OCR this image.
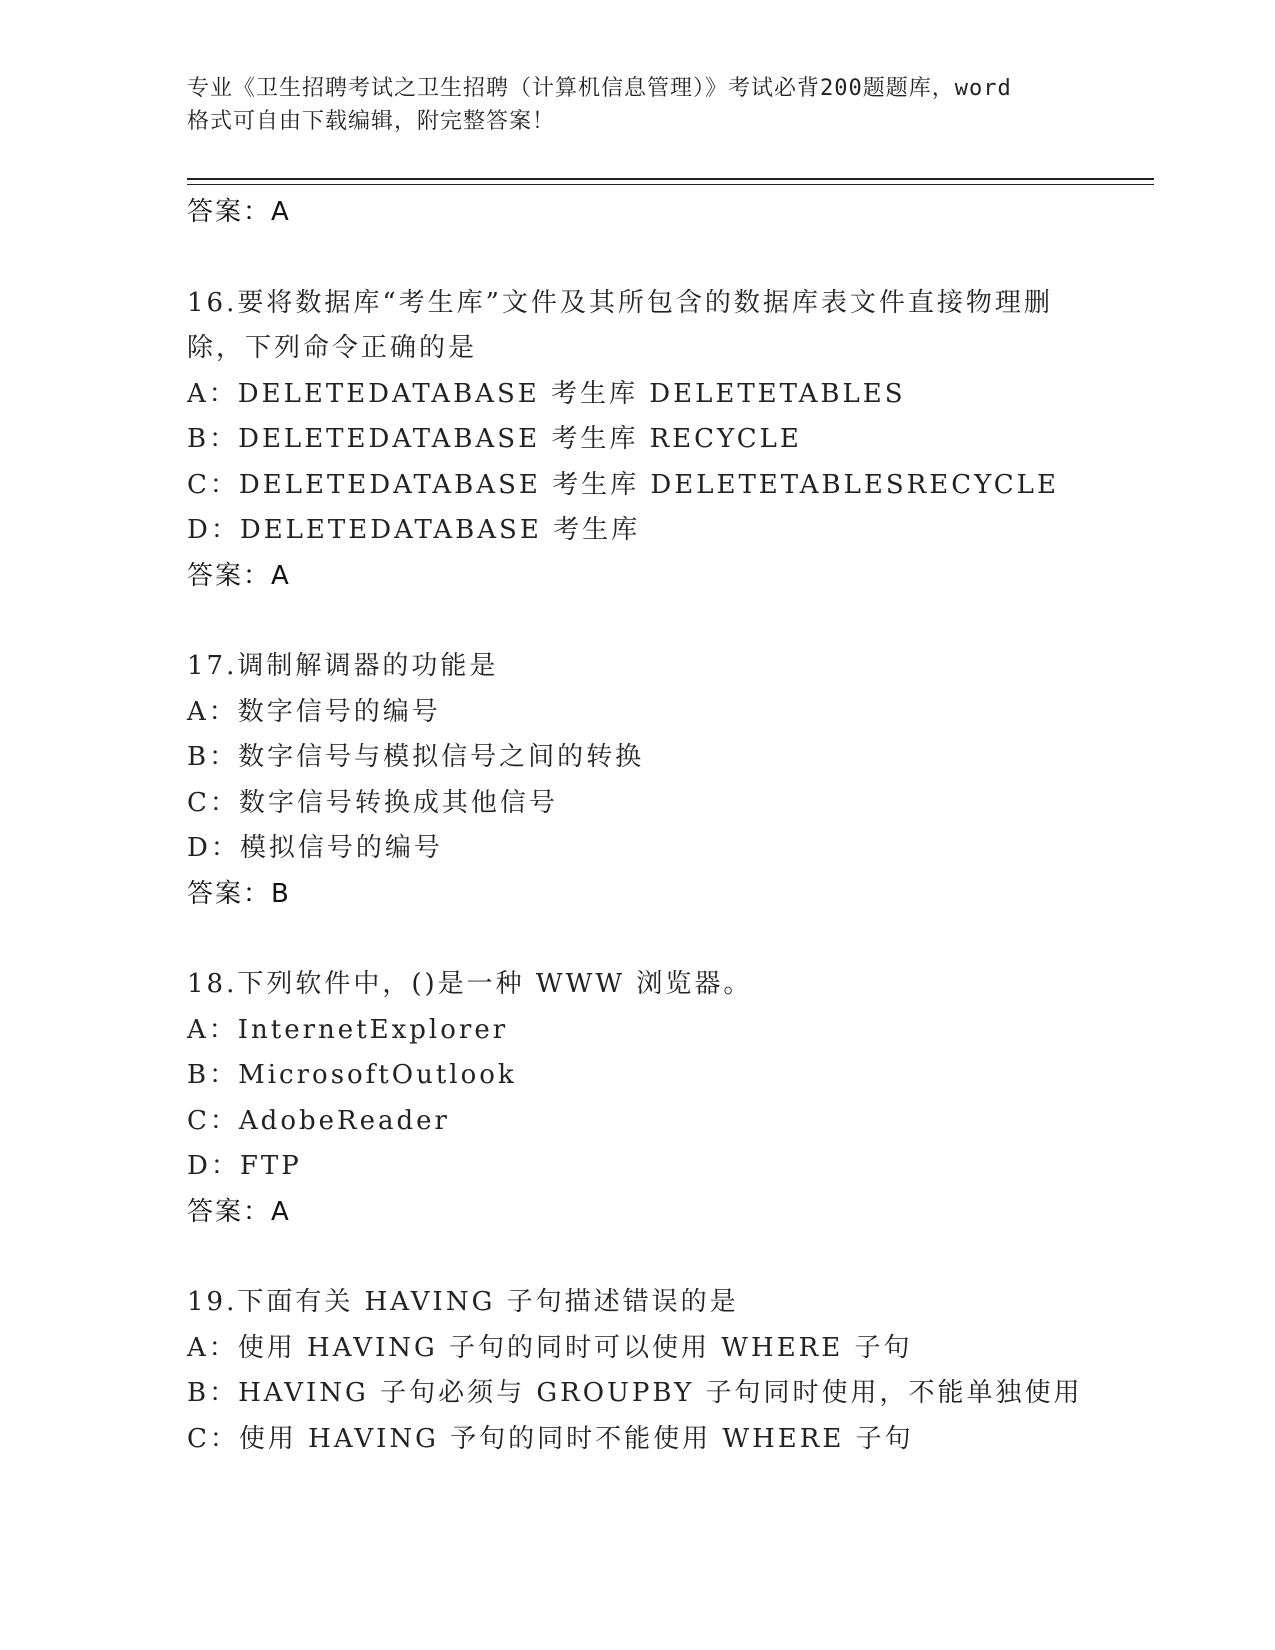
专业《卫生招聘考试之卫生招聘（计算机信息管理）》考试必背200题题库，word
格式可自由下载编辑，附完整答案！
答案：A
16.要将数据库“考生库”文件及其所包含的数据库表文件直接物理删
除，下列命令正确的是
A：DELETEDATABASE 考生库 DELETETABLES
B：DELETEDATABASE 考生库 RECYCLE
C：DELETEDATABASE 考生库 DELETETABLESRECYCLE
D：DELETEDATABASE 考生库
答案：A
17.调制解调器的功能是
A：数字信号的编号
B：数字信号与模拟信号之间的转换
C：数字信号转换成其他信号
D：模拟信号的编号
答案：B
18.下列软件中，()是一种 WWW 浏览器。
A：InternetExplorer
B：MicrosoftOutlook
C：AdobeReader
D：FTP
答案：A
19.下面有关 HAVING 子句描述错误的是
A：使用 HAVING 子句的同时可以使用 WHERE 子句
B：HAVING 子句必须与 GROUPBY 子句同时使用，不能单独使用
C：使用 HAVING 予句的同时不能使用 WHERE 子句
